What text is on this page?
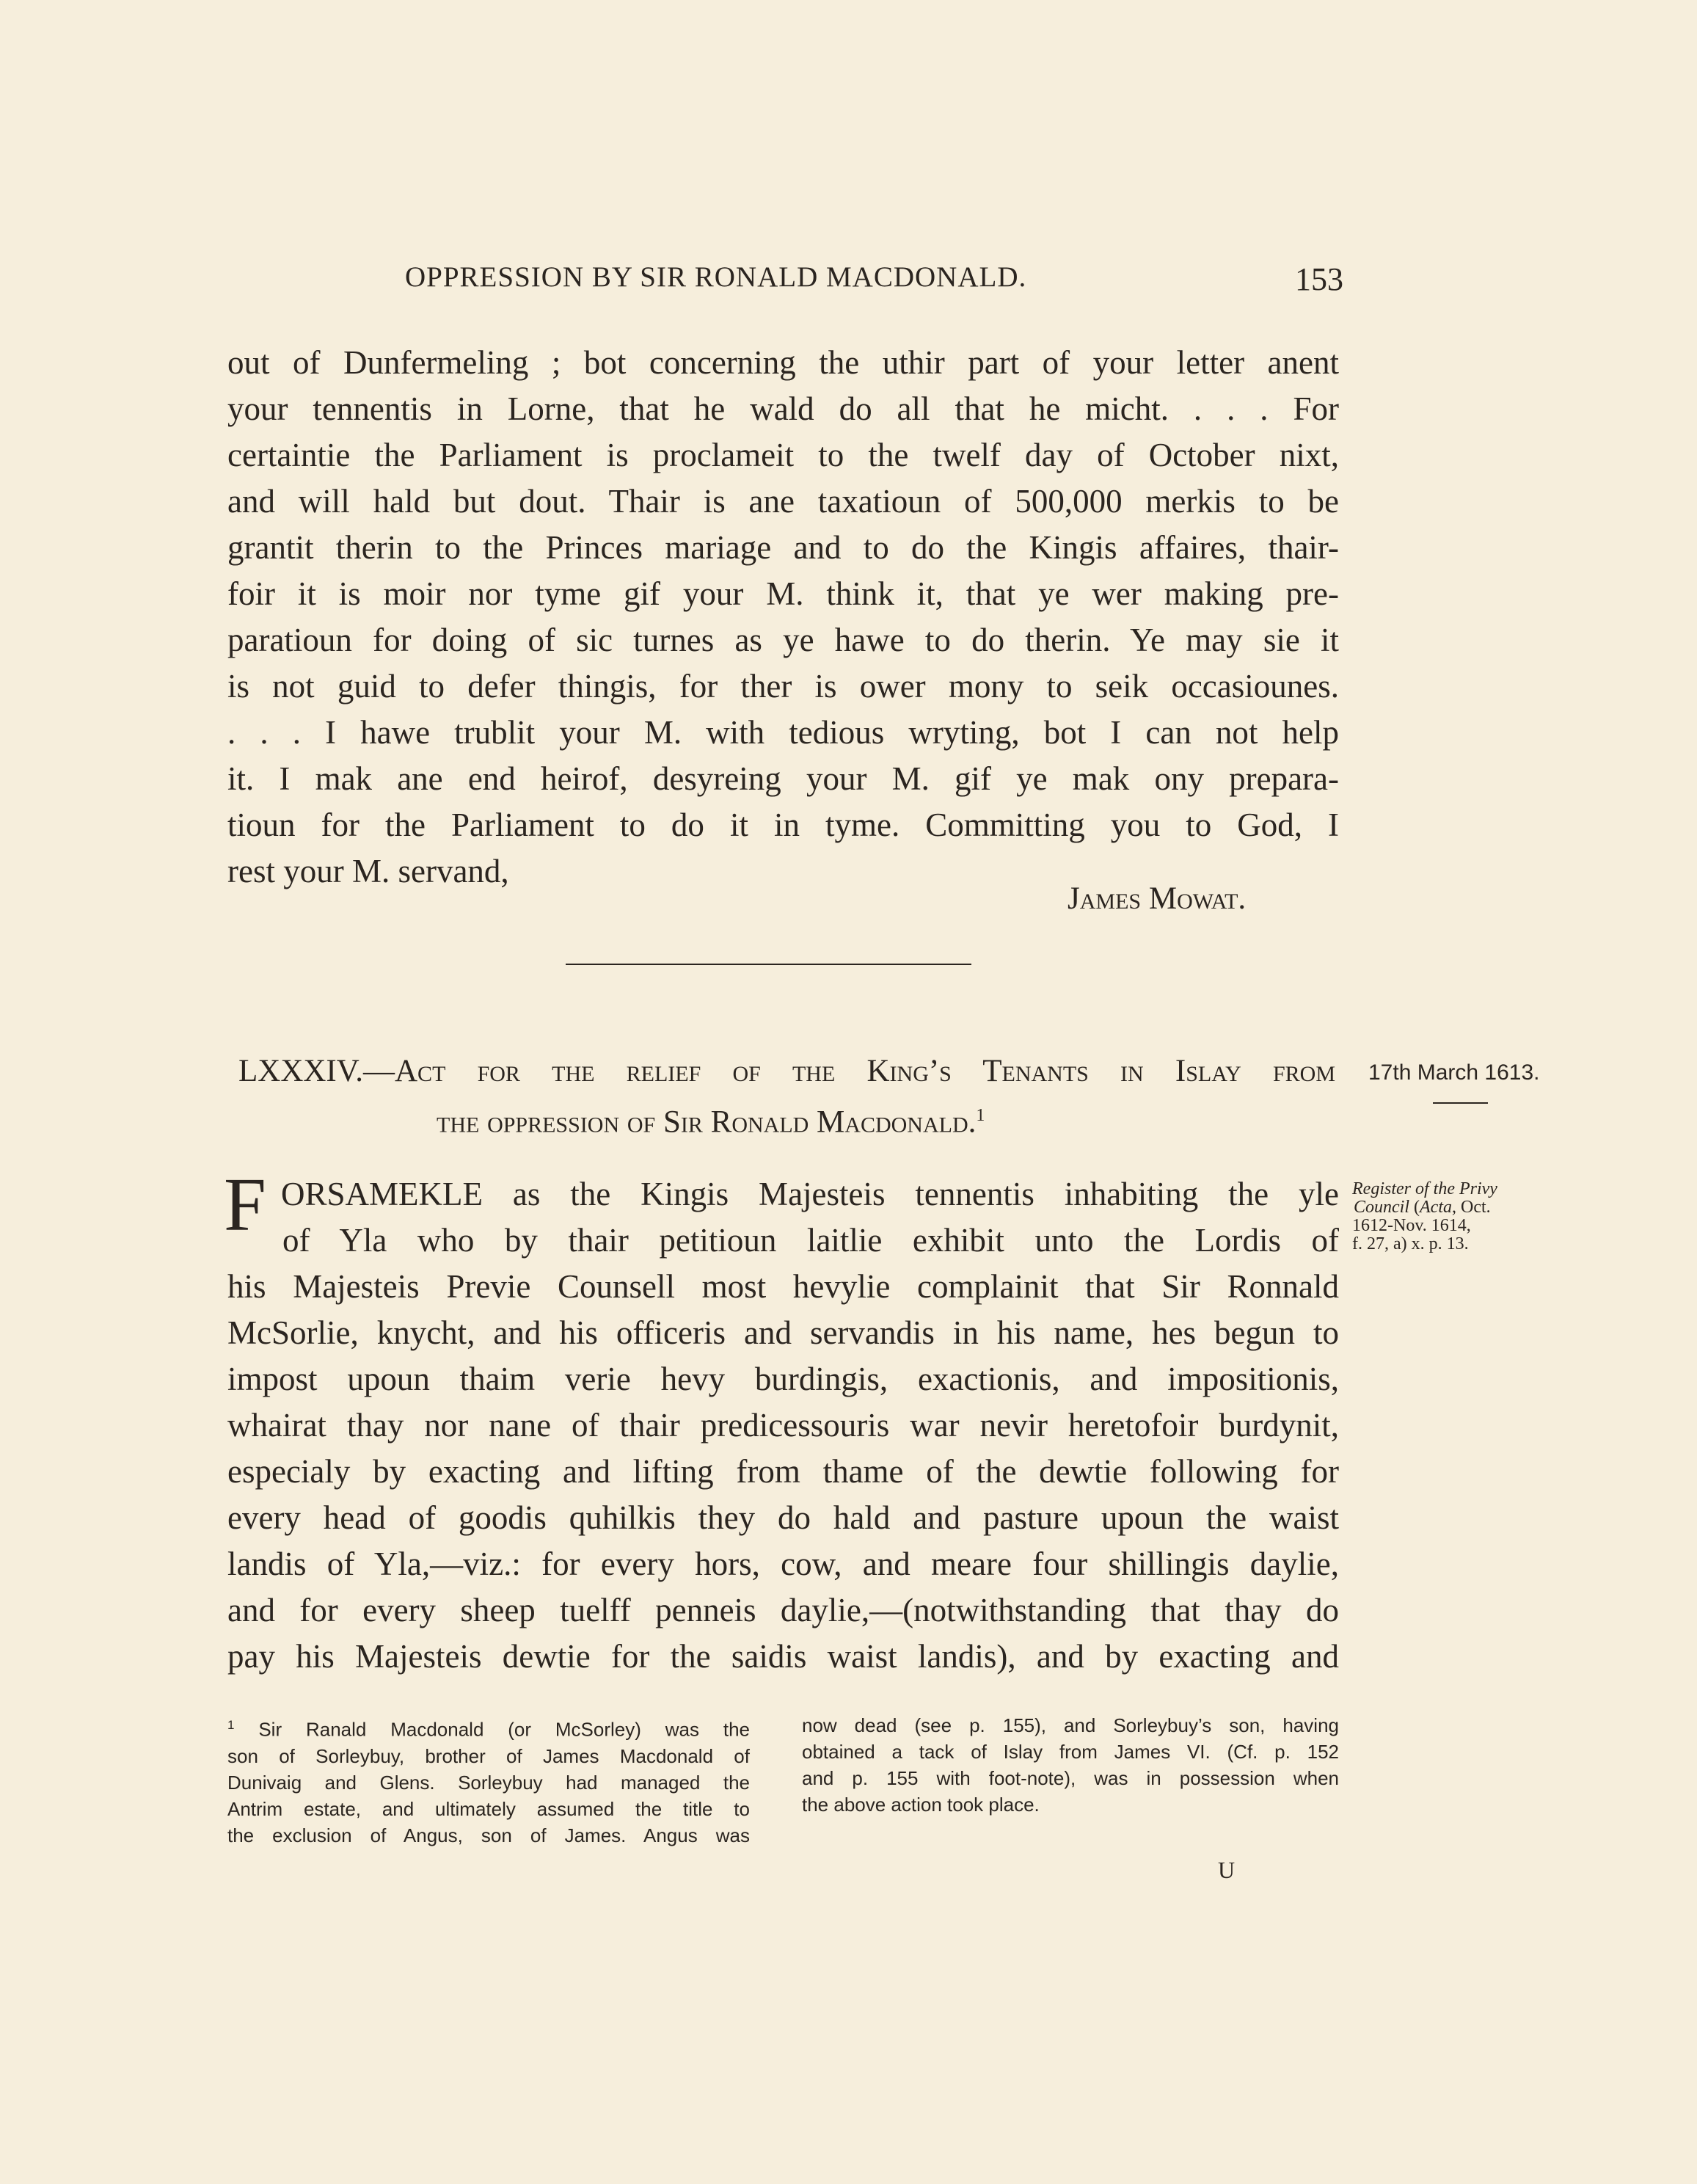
OPPRESSION BY SIR RONALD MACDONALD.	153
out of Dunfermeling ; bot concerning the uthir part of your letter anent
your tennentis in Lorne, that he wald do all that he micht. . . . For
certaintie the Parliament is proclameit to the twelf day of October nixt,
and will hald but dout. Thair is ane taxatioun of 500,000 merkis to be
grantit therin to the Princes mariage and to do the Kingis affaires, thair-
foir it is moir nor tyme gif your M. think it, that ye wer making pre-
paratioun for doing of sic turnes as ye hawe to do therin. Ye may sie it
is not guid to defer thingis, for ther is ower mony to seik occasiounes.
. . . I hawe trublit your M. with tedious wryting, bot I can not help
it. I mak ane end heirof, desyreing your M. gif ye mak ony prepara-
tioun for the Parliament to do it in tyme. Committing you to God, I
rest your M. servand,
James Mowat.
LXXXIV.—Act for the relief of the King’s Tenants in Islay from
the oppression of Sir Ronald Macdonald.$^1$
17th March 1613.
Register of the Privy
Council (Acta, Oct.
1612-Nov. 1614,
f. 27, a) x. p. 13.
F ORSAMEKLE as the Kingis Majesteis tennentis inhabiting the yle
of Yla who by thair petitioun laitlie exhibit unto the Lordis of
his Majesteis Previe Counsell most hevylie complainit that Sir Ronnald
McSorlie, knycht, and his officeris and servandis in his name, hes begun to
impost upoun thaim verie hevy burdingis, exactionis, and impositionis,
whairat thay nor nane of thair predicessouris war nevir heretofoir burdynit,
especialy by exacting and lifting from thame of the dewtie following for
every head of goodis quhilkis they do hald and pasture upoun the waist
landis of Yla,—viz.: for every hors, cow, and meare four shillingis daylie,
and for every sheep tuelff penneis daylie,—(notwithstanding that thay do
pay his Majesteis dewtie for the saidis waist landis), and by exacting and
$^1$ Sir Ranald Macdonald (or McSorley) was the
son of Sorleybuy, brother of James Macdonald of
Dunivaig and Glens. Sorleybuy had managed the
Antrim estate, and ultimately assumed the title to
the exclusion of Angus, son of James. Angus was
now dead (see p. 155), and Sorleybuy’s son, having
obtained a tack of Islay from James VI. (Cf. p. 152
and p. 155 with foot-note), was in possession when
the above action took place.
U
